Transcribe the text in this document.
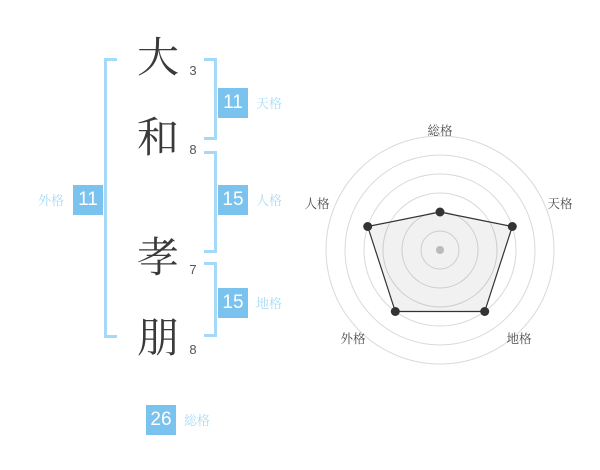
大
和
孝
朋
3
8
7
8
11	天格
15 人格
15 地格
外格 11
26 総格
総格
天格
地格
外格
人格
